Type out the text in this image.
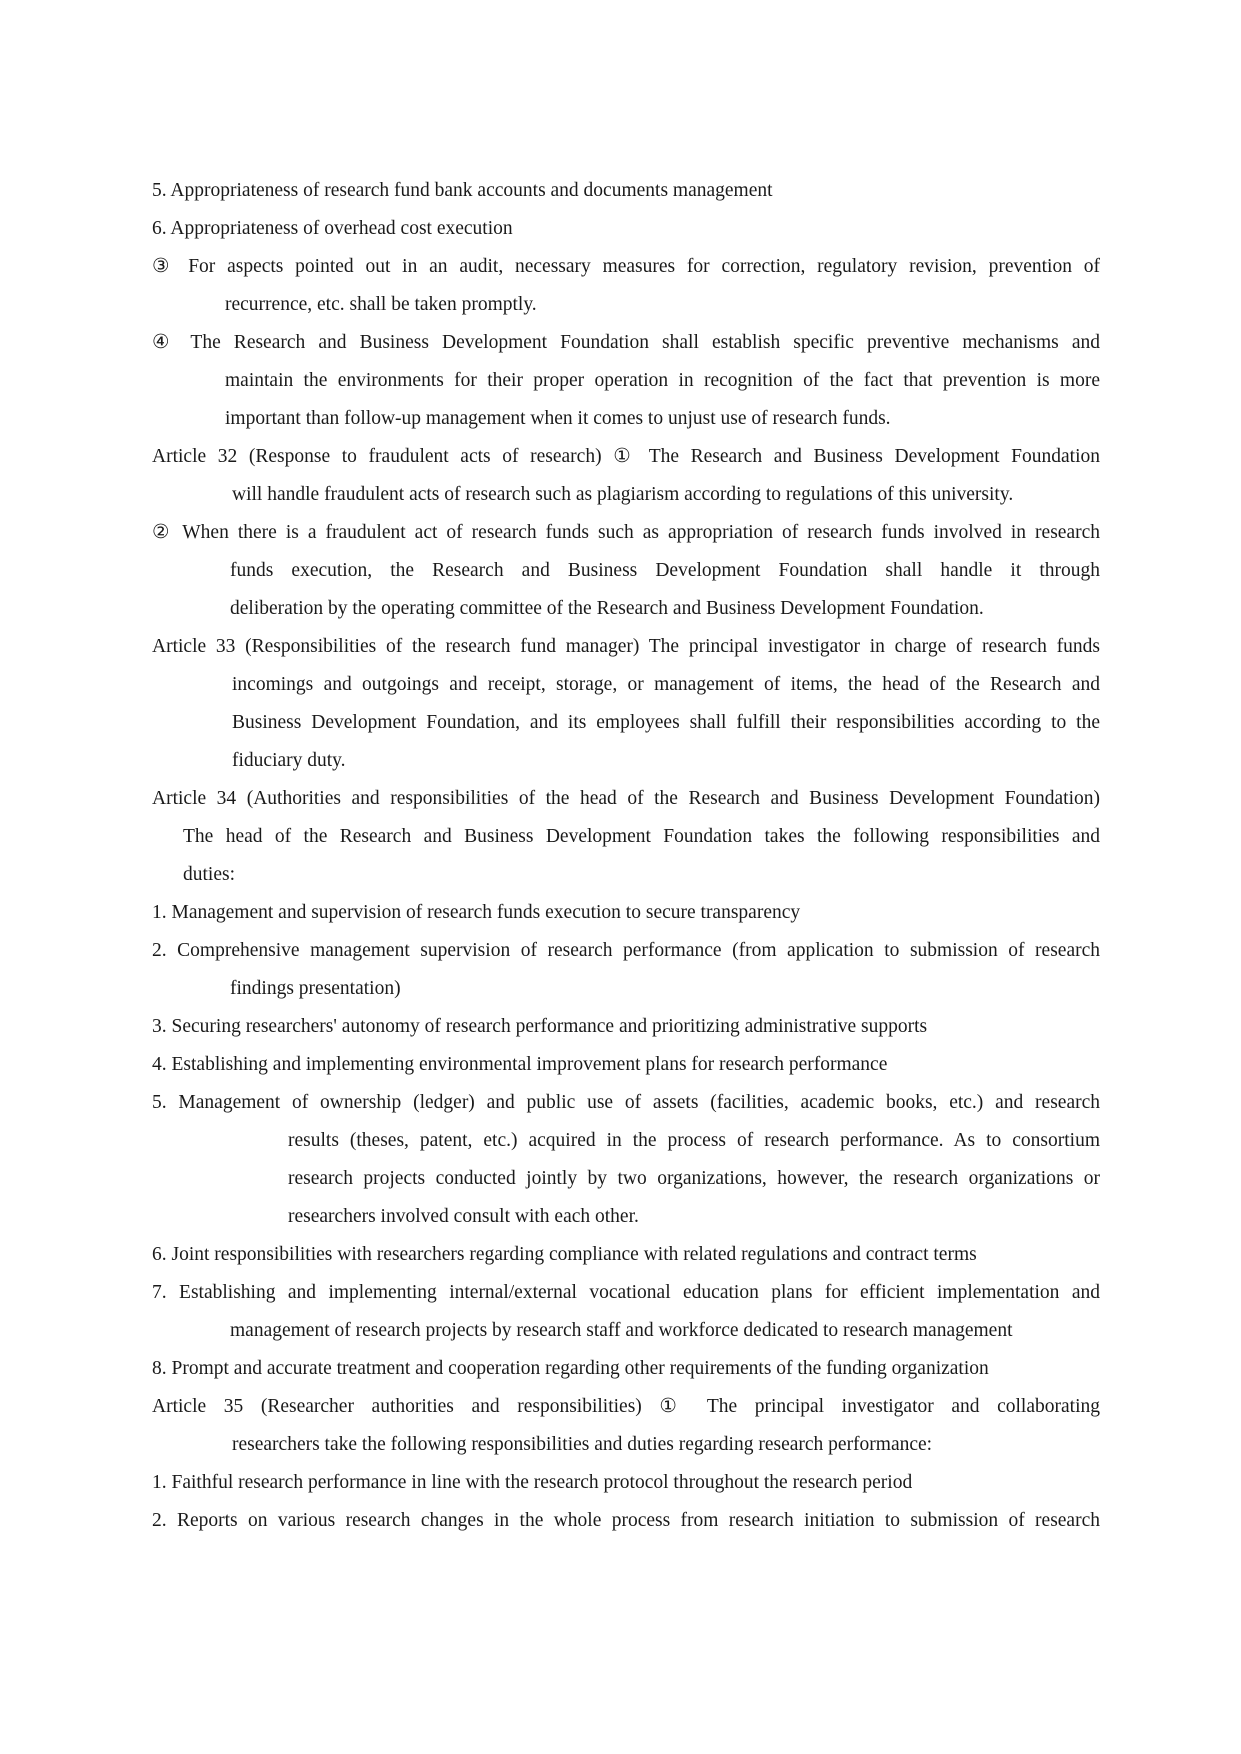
5. Appropriateness of research fund bank accounts and documents management
6. Appropriateness of overhead cost execution
③ For aspects pointed out in an audit, necessary measures for correction, regulatory revision, prevention of
recurrence, etc. shall be taken promptly.
④ The Research and Business Development Foundation shall establish specific preventive mechanisms and
maintain the environments for their proper operation in recognition of the fact that prevention is more
important than follow-up management when it comes to unjust use of research funds.
Article 32 (Response to fraudulent acts of research) ① The Research and Business Development Foundation
will handle fraudulent acts of research such as plagiarism according to regulations of this university.
② When there is a fraudulent act of research funds such as appropriation of research funds involved in research
funds execution, the Research and Business Development Foundation shall handle it through
deliberation by the operating committee of the Research and Business Development Foundation.
Article 33 (Responsibilities of the research fund manager) The principal investigator in charge of research funds
incomings and outgoings and receipt, storage, or management of items, the head of the Research and
Business Development Foundation, and its employees shall fulfill their responsibilities according to the
fiduciary duty.
Article 34 (Authorities and responsibilities of the head of the Research and Business Development Foundation)
The head of the Research and Business Development Foundation takes the following responsibilities and
duties:
1. Management and supervision of research funds execution to secure transparency
2. Comprehensive management supervision of research performance (from application to submission of research
findings presentation)
3. Securing researchers' autonomy of research performance and prioritizing administrative supports
4. Establishing and implementing environmental improvement plans for research performance
5. Management of ownership (ledger) and public use of assets (facilities, academic books, etc.) and research
results (theses, patent, etc.) acquired in the process of research performance. As to consortium
research projects conducted jointly by two organizations, however, the research organizations or
researchers involved consult with each other.
6. Joint responsibilities with researchers regarding compliance with related regulations and contract terms
7. Establishing and implementing internal/external vocational education plans for efficient implementation and
management of research projects by research staff and workforce dedicated to research management
8. Prompt and accurate treatment and cooperation regarding other requirements of the funding organization
Article 35 (Researcher authorities and responsibilities) ① The principal investigator and collaborating
researchers take the following responsibilities and duties regarding research performance:
1. Faithful research performance in line with the research protocol throughout the research period
2. Reports on various research changes in the whole process from research initiation to submission of research
